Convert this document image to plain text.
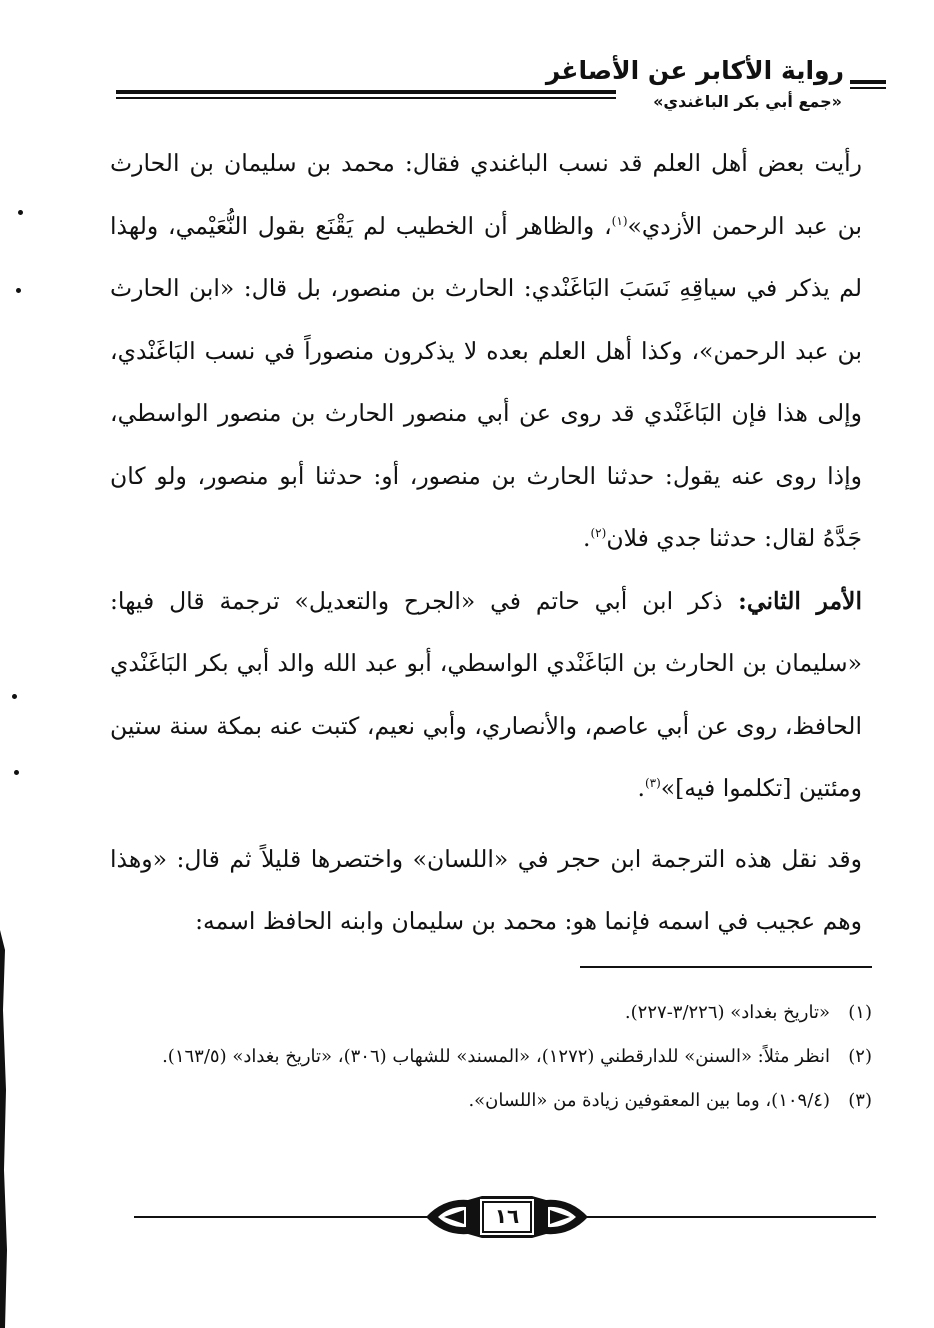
رواية الأكابر عن الأصاغر
«جمع أبي بكر الباغندي»

رأيت بعض أهل العلم قد نسب الباغندي فقال: محمد بن سليمان بن الحارث بن عبد الرحمن الأزدي»$^{(١)}$، والظاهر أن الخطيب لم يَقْنَع بقول النُّعَيْمي، ولهذا لم يذكر في سياقِهِ نَسَبَ البَاغَنْدي: الحارث بن منصور، بل قال: «ابن الحارث بن عبد الرحمن»، وكذا أهل العلم بعده لا يذكرون منصوراً في نسب البَاغَنْدي، وإلى هذا فإن البَاغَنْدي قد روى عن أبي منصور الحارث بن منصور الواسطي، وإذا روى عنه يقول: حدثنا الحارث بن منصور، أو: حدثنا أبو منصور، ولو كان جَدَّهُ لقال: حدثنا جدي فلان$^{(٢)}$.

الأمر الثاني: ذكر ابن أبي حاتم في «الجرح والتعديل» ترجمة قال فيها: «سليمان بن الحارث بن البَاغَنْدي الواسطي، أبو عبد الله والد أبي بكر البَاغَنْدي الحافظ، روى عن أبي عاصم، والأنصاري، وأبي نعيم، كتبت عنه بمكة سنة ستين ومئتين [تكلموا فيه]»$^{(٣)}$.

وقد نقل هذه الترجمة ابن حجر في «اللسان» واختصرها قليلاً ثم قال: «وهذا وهم عجيب في اسمه فإنما هو: محمد بن سليمان وابنه الحافظ اسمه:

(١)
«تاريخ بغداد» (٣/٢٢٦-٢٢٧).
(٢)
انظر مثلاً: «السنن» للدارقطني (١٢٧٢)، «المسند» للشهاب (٣٠٦)، «تاريخ بغداد» (١٦٣/٥).
(٣)
(١٠٩/٤)، وما بين المعقوفين زيادة من «اللسان».
١٦
